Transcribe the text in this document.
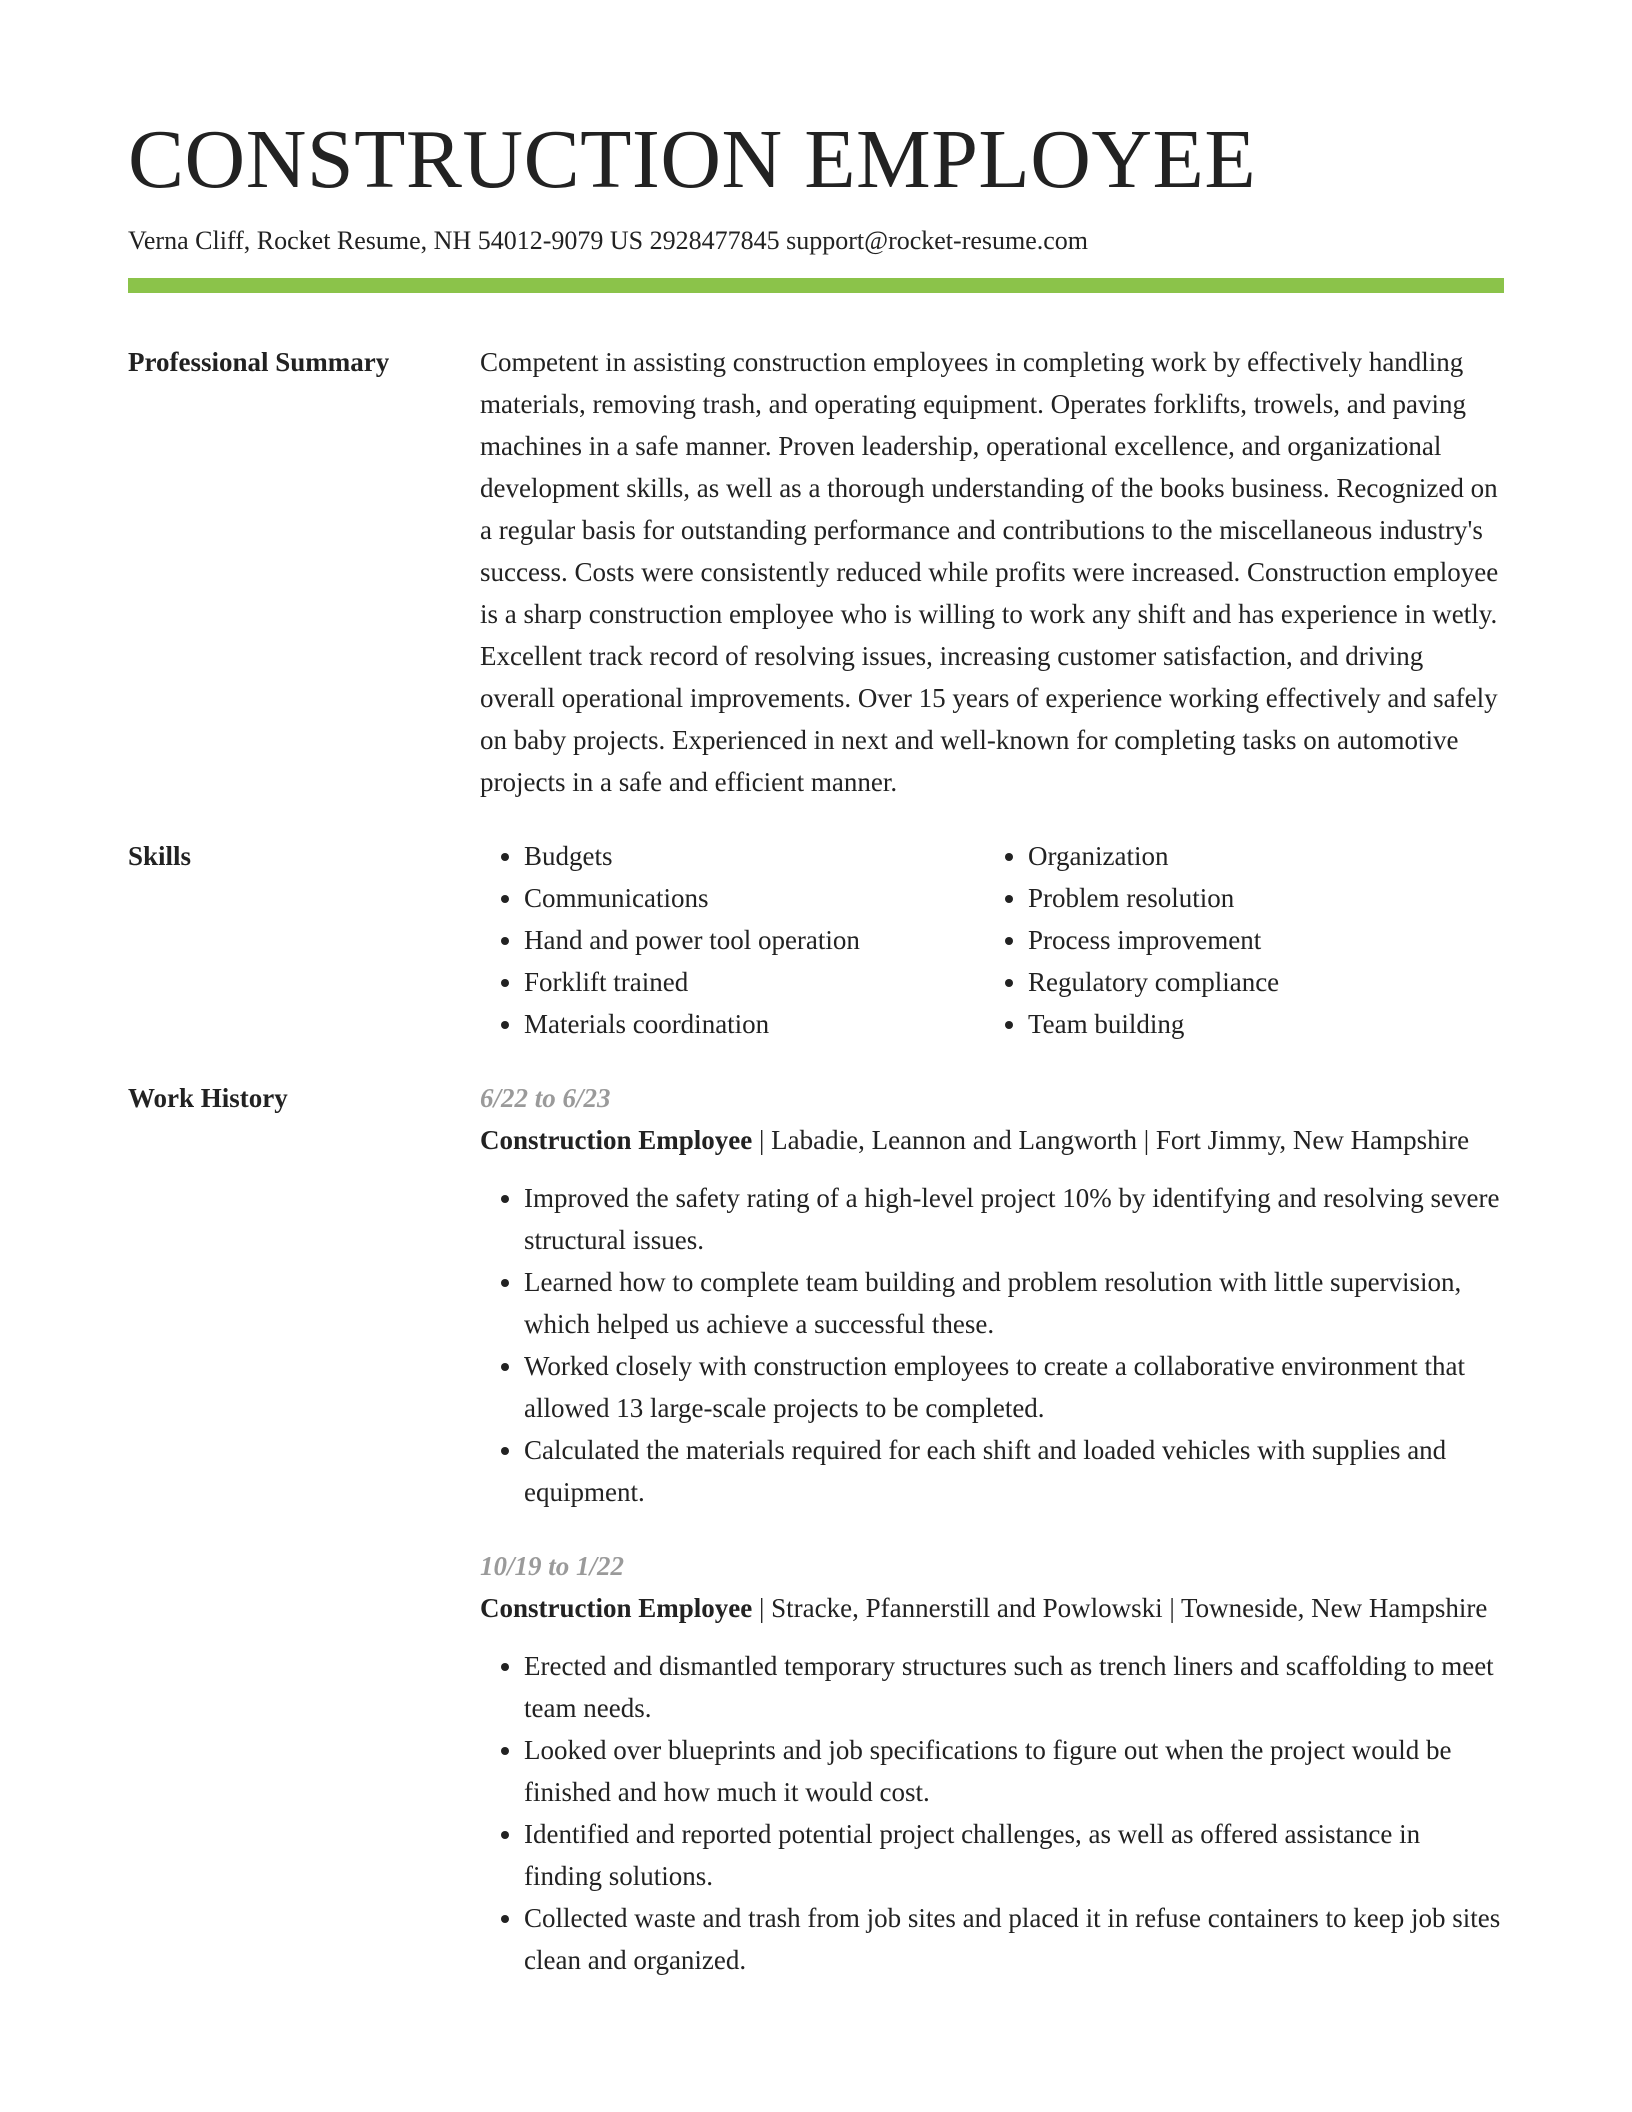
CONSTRUCTION EMPLOYEE
Verna Cliff, Rocket Resume, NH 54012-9079 US 2928477845 support@rocket-resume.com
Professional Summary	Competent in assisting construction employees in completing work by effectively handling materials, removing trash, and operating equipment. Operates forklifts, trowels, and paving machines in a safe manner. Proven leadership, operational excellence, and organizational development skills, as well as a thorough understanding of the books business. Recognized on a regular basis for outstanding performance and contributions to the miscellaneous industry's success. Costs were consistently reduced while profits were increased. Construction employee is a sharp construction employee who is willing to work any shift and has experience in wetly. Excellent track record of resolving issues, increasing customer satisfaction, and driving overall operational improvements. Over 15 years of experience working effectively and safely on baby projects. Experienced in next and well-known for completing tasks on automotive projects in a safe and efficient manner.

Skills
•	Budgets
• Communications
• Hand and power tool operation
• Forklift trained
• Materials coordination
• Organization
• Problem resolution
• Process improvement
• Regulatory compliance
• Team building
Work History	6/22 to 6/23
Construction Employee | Labadie, Leannon and Langworth | Fort Jimmy, New Hampshire
• Improved the safety rating of a high-level project 10% by identifying and resolving severe structural issues.
• Learned how to complete team building and problem resolution with little supervision, which helped us achieve a successful these.
• Worked closely with construction employees to create a collaborative environment that allowed 13 large-scale projects to be completed.
• Calculated the materials required for each shift and loaded vehicles with supplies and equipment.
10/19 to 1/22
Construction Employee | Stracke, Pfannerstill and Powlowski | Towneside, New Hampshire
• Erected and dismantled temporary structures such as trench liners and scaffolding to meet team needs.
• Looked over blueprints and job specifications to figure out when the project would be finished and how much it would cost.
• Identified and reported potential project challenges, as well as offered assistance in finding solutions.
• Collected waste and trash from job sites and placed it in refuse containers to keep job sites clean and organized.
